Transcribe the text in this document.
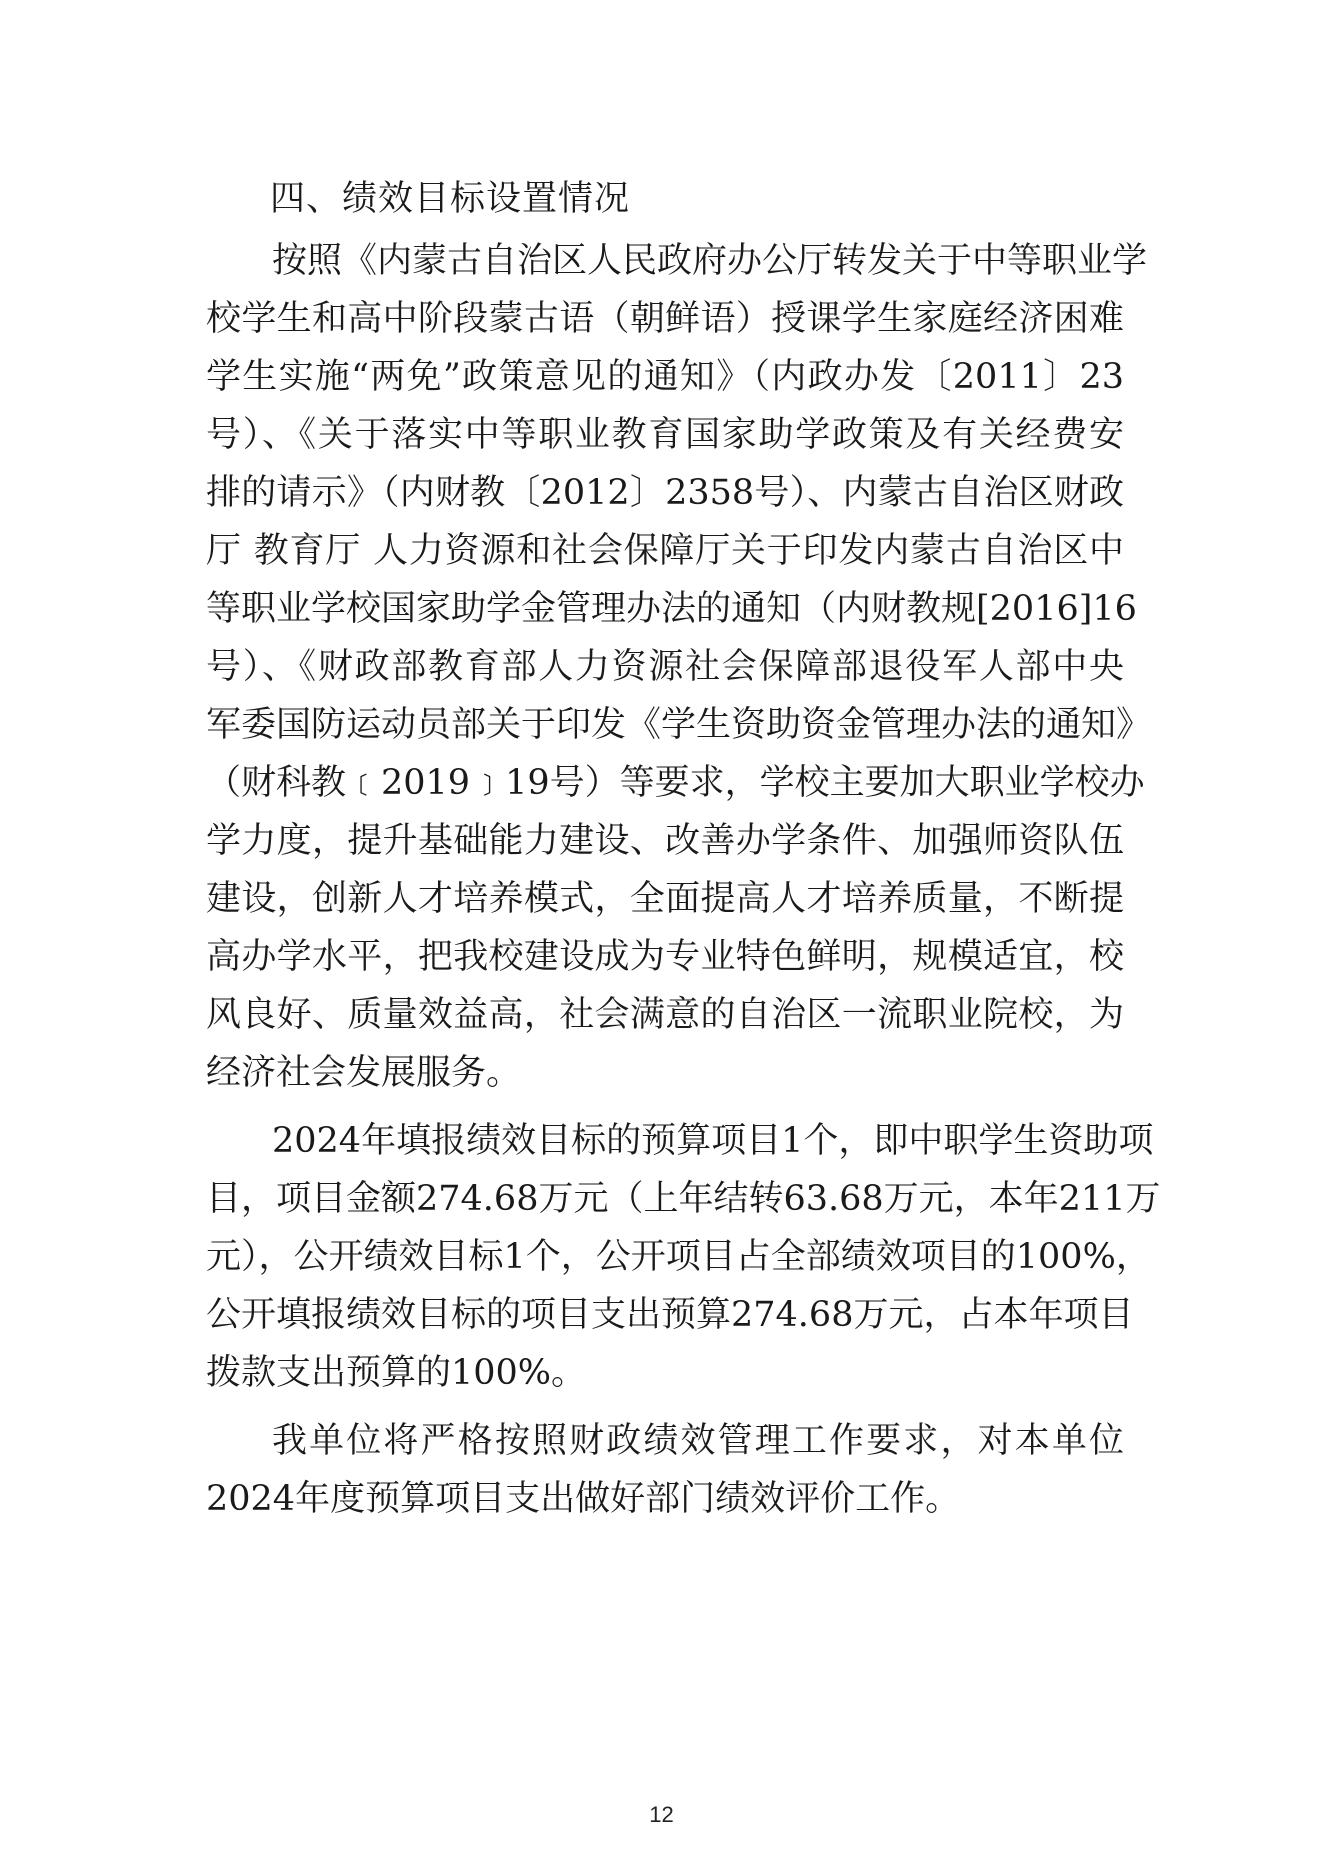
四、绩效目标设置情况
按照《内蒙古自治区人民政府办公厅转发关于中等职业学
校学生和高中阶段蒙古语（朝鲜语）授课学生家庭经济困难
学生实施“两免”政策意见的通知》（内政办发〔2011〕23
号）、《关于落实中等职业教育国家助学政策及有关经费安
排的请示》（内财教〔2012〕2358号）、内蒙古自治区财政
厅 教育厅 人力资源和社会保障厅关于印发内蒙古自治区中
等职业学校国家助学金管理办法的通知（内财教规[2016]16
号）、《财政部教育部人力资源社会保障部退役军人部中央
军委国防运动员部关于印发《学生资助资金管理办法的通知》
（财科教﹝2019﹞19号）等要求，学校主要加大职业学校办
学力度，提升基础能力建设、改善办学条件、加强师资队伍
建设，创新人才培养模式，全面提高人才培养质量，不断提
高办学水平，把我校建设成为专业特色鲜明，规模适宜，校
风良好、质量效益高，社会满意的自治区一流职业院校，为
经济社会发展服务。
2024年填报绩效目标的预算项目1个，即中职学生资助项
目，项目金额274.68万元（上年结转63.68万元，本年211万
元），公开绩效目标1个，公开项目占全部绩效项目的100%，
公开填报绩效目标的项目支出预算274.68万元，占本年项目
拨款支出预算的100%。
我单位将严格按照财政绩效管理工作要求，对本单位
2024年度预算项目支出做好部门绩效评价工作。
12
